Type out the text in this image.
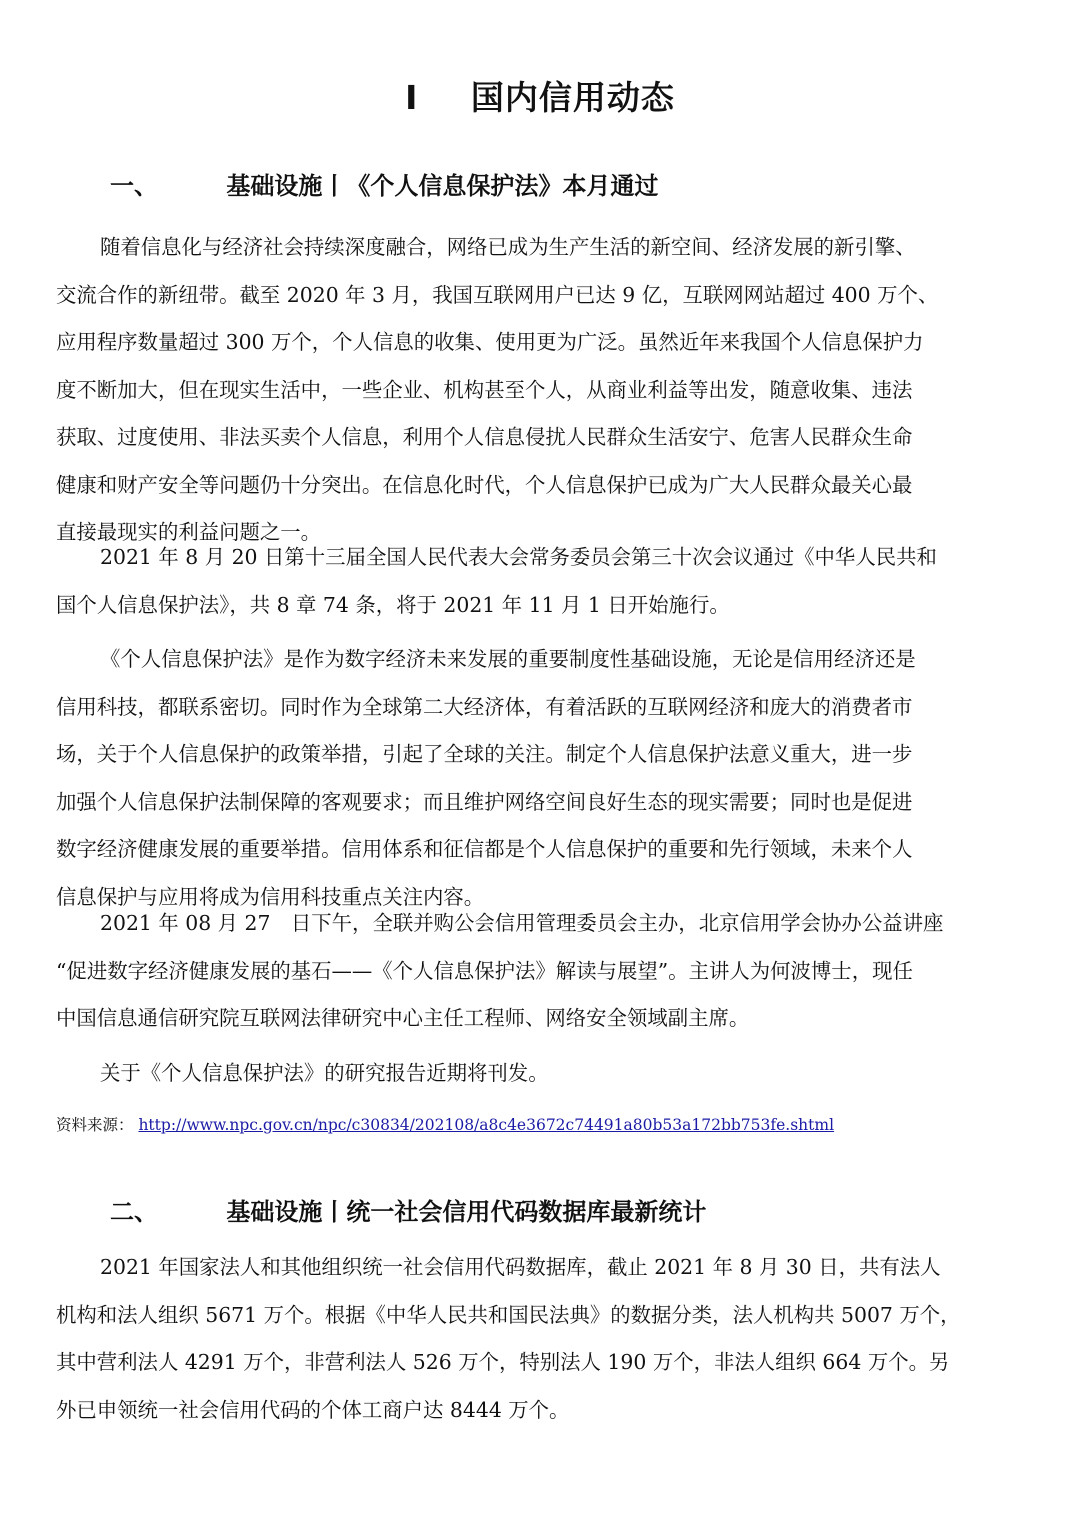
I 国内信用动态
一、	基础设施丨《个人信息保护法》本月通过
随着信息化与经济社会持续深度融合，网络已成为生产生活的新空间、经济发展的新引擎、
交流合作的新纽带。截至 2020 年 3 月，我国互联网用户已达 9 亿，互联网网站超过 400 万个、
应用程序数量超过 300 万个，个人信息的收集、使用更为广泛。虽然近年来我国个人信息保护力
度不断加大，但在现实生活中，一些企业、机构甚至个人，从商业利益等出发，随意收集、违法
获取、过度使用、非法买卖个人信息，利用个人信息侵扰人民群众生活安宁、危害人民群众生命
健康和财产安全等问题仍十分突出。在信息化时代，个人信息保护已成为广大人民群众最关心最
直接最现实的利益问题之一。
2021 年 8 月 20 日第十三届全国人民代表大会常务委员会第三十次会议通过《中华人民共和
国个人信息保护法》，共 8 章 74 条，将于 2021 年 11 月 1 日开始施行。
《个人信息保护法》是作为数字经济未来发展的重要制度性基础设施，无论是信用经济还是
信用科技，都联系密切。同时作为全球第二大经济体，有着活跃的互联网经济和庞大的消费者市
场，关于个人信息保护的政策举措，引起了全球的关注。制定个人信息保护法意义重大，进一步
加强个人信息保护法制保障的客观要求；而且维护网络空间良好生态的现实需要；同时也是促进
数字经济健康发展的重要举措。信用体系和征信都是个人信息保护的重要和先行领域，未来个人
信息保护与应用将成为信用科技重点关注内容。
2021 年 08 月 27　日下午，全联并购公会信用管理委员会主办，北京信用学会协办公益讲座
“促进数字经济健康发展的基石——《个人信息保护法》解读与展望”。主讲人为何波博士，现任
中国信息通信研究院互联网法律研究中心主任工程师、网络安全领域副主席。
关于《个人信息保护法》的研究报告近期将刊发。
资料来源： http://www.npc.gov.cn/npc/c30834/202108/a8c4e3672c74491a80b53a172bb753fe.shtml
二、	基础设施丨统一社会信用代码数据库最新统计
2021 年国家法人和其他组织统一社会信用代码数据库，截止 2021 年 8 月 30 日，共有法人
机构和法人组织 5671 万个。根据《中华人民共和国民法典》的数据分类，法人机构共 5007 万个，
其中营利法人 4291 万个，非营利法人 526 万个，特别法人 190 万个，非法人组织 664 万个。另
外已申领统一社会信用代码的个体工商户达 8444 万个。
